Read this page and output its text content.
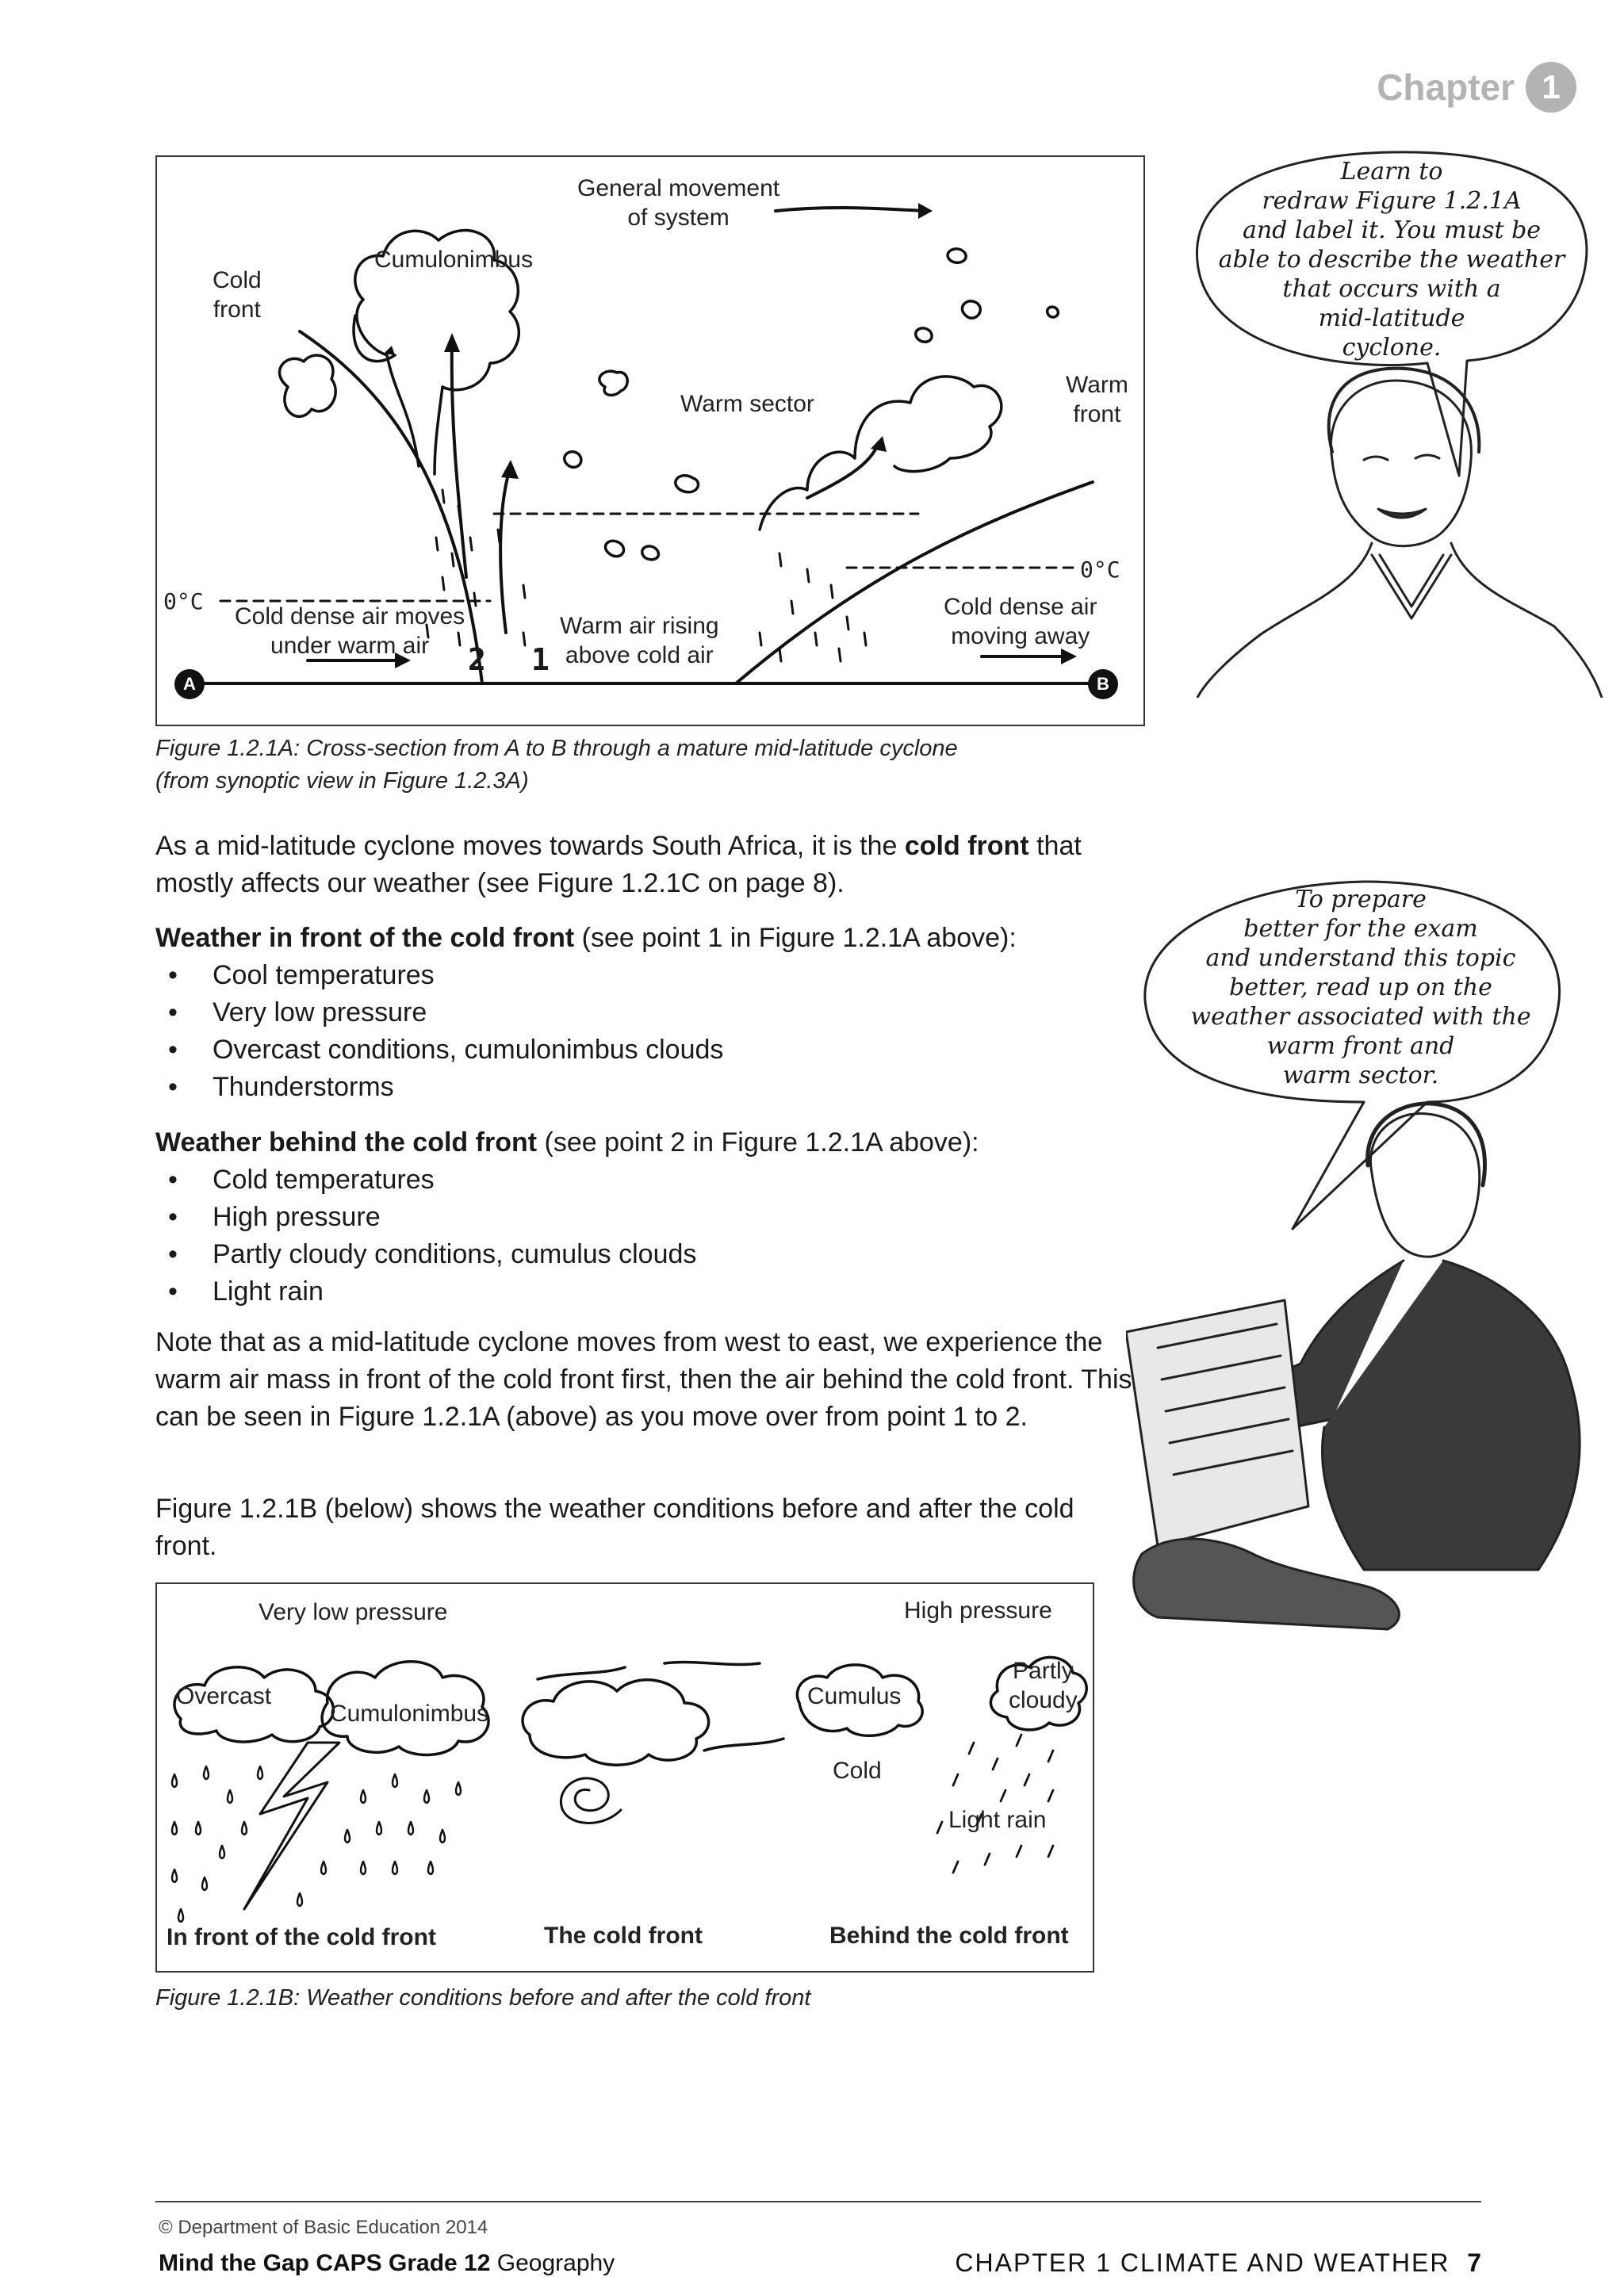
Chapter 1
General movement
of system
Cumulonimbus
Cold
front
Warm sector
Warm
front
0°C
0°C
Cold dense air moves
under warm air
Warm air rising
above cold air
Cold dense air
moving away
2 1
A	B
Figure 1.2.1A: Cross-section from A to B through a mature mid-latitude cyclone
(from synoptic view in Figure 1.2.3A)
As a mid-latitude cyclone moves towards South Africa, it is the cold front that mostly affects our weather (see Figure 1.2.1C on page 8).
Weather in front of the cold front (see point 1 in Figure 1.2.1A above):
• Cool temperatures
• Very low pressure
• Overcast conditions, cumulonimbus clouds
• Thunderstorms
Weather behind the cold front (see point 2 in Figure 1.2.1A above):
• Cold temperatures
• High pressure
• Partly cloudy conditions, cumulus clouds
• Light rain
Note that as a mid-latitude cyclone moves from west to east, we experience the warm air mass in front of the cold front first, then the air behind the cold front. This can be seen in Figure 1.2.1A (above) as you move over from point 1 to 2.
Figure 1.2.1B (below) shows the weather conditions before and after the cold front.
Very low pressure	High pressure
Overcast
Cumulonimbus
Cumulus
Partly
cloudy
Cold
Light rain
In front of the cold front	The cold front	Behind the cold front
Figure 1.2.1B: Weather conditions before and after the cold front
Learn to
redraw Figure 1.2.1A
and label it. You must be
able to describe the weather
that occurs with a
mid-latitude
cyclone.
To prepare
better for the exam
and understand this topic
better, read up on the
weather associated with the
warm front and
warm sector.
© Department of Basic Education 2014
Mind the Gap CAPS Grade 12 Geography	CHAPTER 1 CLIMATE AND WEATHER 7
